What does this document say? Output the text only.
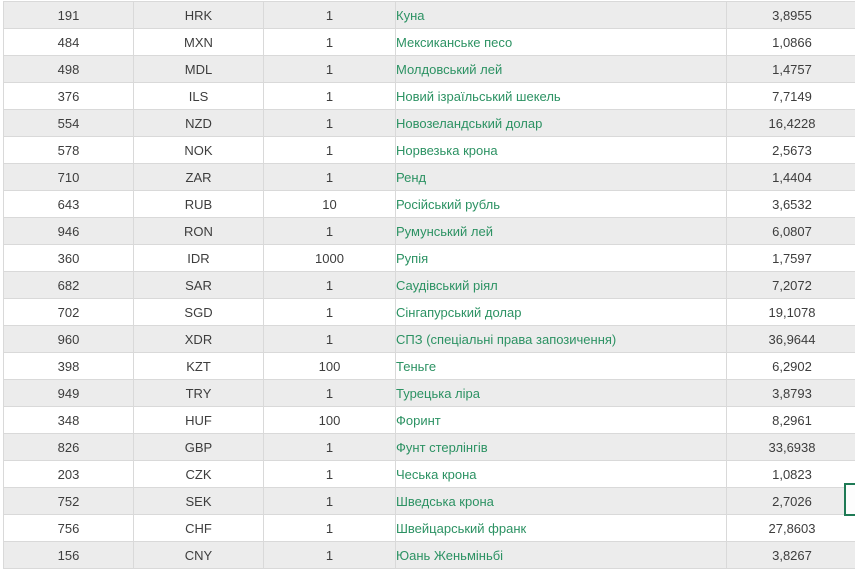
191	HRK	1	Куна	3,8955
484	MXN	1	Мексиканське песо	1,0866
498	MDL	1	Молдовський лей	1,4757
376	ILS	1	Новий ізраїльський шекель	7,7149
554	NZD	1	Новозеландський долар	16,4228
578	NOK	1	Норвезька крона	2,5673
710	ZAR	1	Ренд	1,4404
643	RUB	10	Російський рубль	3,6532
946	RON	1	Румунський лей	6,0807
360	IDR	1000	Рупія	1,7597
682	SAR	1	Саудівський ріял	7,2072
702	SGD	1	Сінгапурський долар	19,1078
960	XDR	1	СПЗ (спеціальні права запозичення)	36,9644
398	KZT	100	Теньге	6,2902
949	TRY	1	Турецька ліра	3,8793
348	HUF	100	Форинт	8,2961
826	GBP	1	Фунт стерлінгів	33,6938
203	CZK	1	Чеська крона	1,0823
752	SEK	1	Шведська крона	2,7026
756	CHF	1	Швейцарський франк	27,8603
156	CNY	1	Юань Женьміньбі	3,8267
